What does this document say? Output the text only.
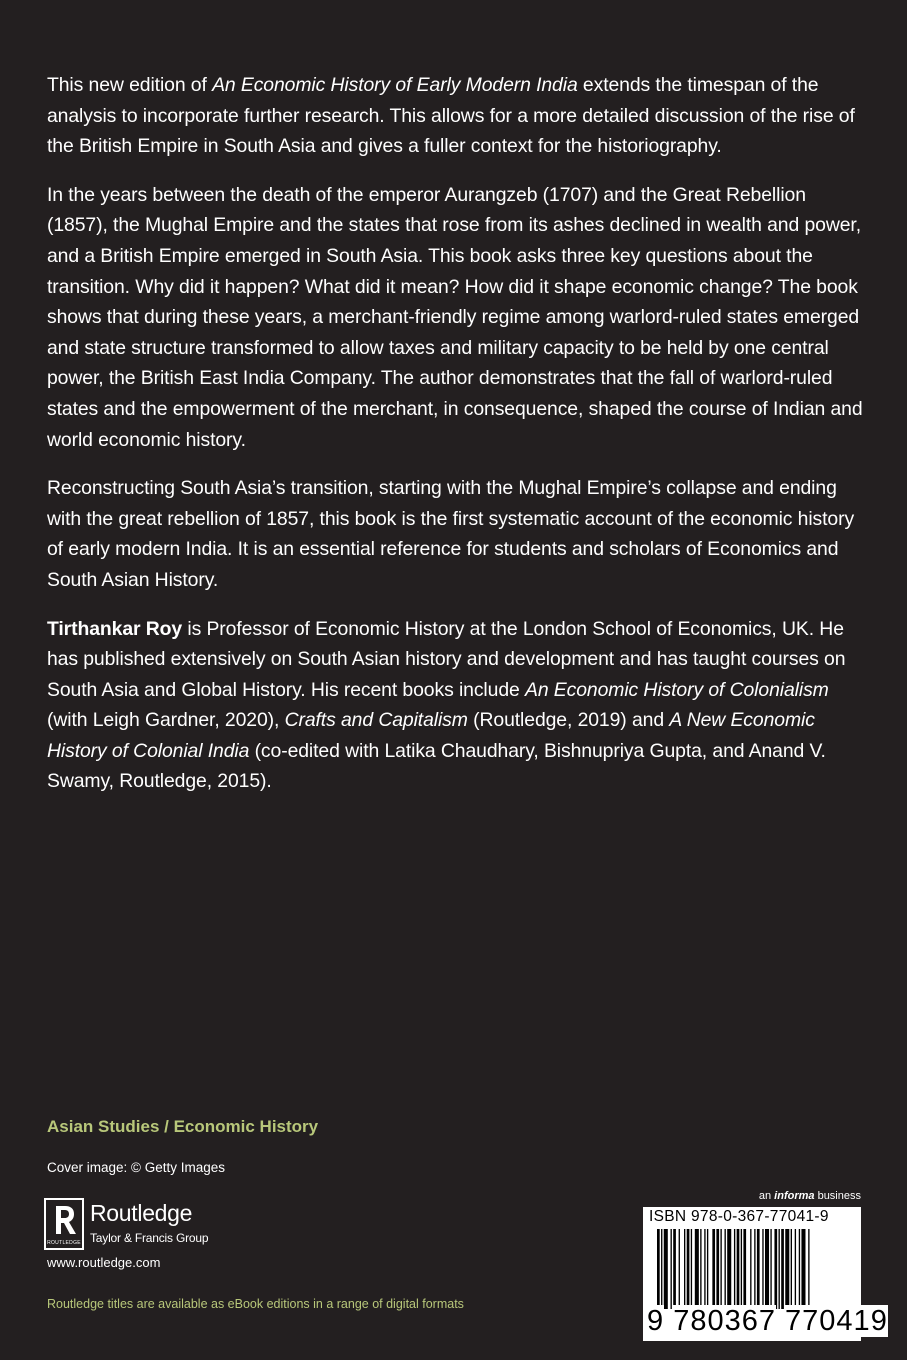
This new edition of An Economic History of Early Modern India extends the timespan of the analysis to incorporate further research. This allows for a more detailed discussion of the rise of the British Empire in South Asia and gives a fuller context for the historiography.

In the years between the death of the emperor Aurangzeb (1707) and the Great Rebellion (1857), the Mughal Empire and the states that rose from its ashes declined in wealth and power, and a British Empire emerged in South Asia. This book asks three key questions about the transition. Why did it happen? What did it mean? How did it shape economic change? The book shows that during these years, a merchant-friendly regime among warlord-ruled states emerged and state structure transformed to allow taxes and military capacity to be held by one central power, the British East India Company. The author demonstrates that the fall of warlord-ruled states and the empowerment of the merchant, in consequence, shaped the course of Indian and world economic history.

Reconstructing South Asia’s transition, starting with the Mughal Empire’s collapse and ending with the great rebellion of 1857, this book is the first systematic account of the economic history of early modern India. It is an essential reference for students and scholars of Economics and South Asian History.

Tirthankar Roy is Professor of Economic History at the London School of Economics, UK. He has published extensively on South Asian history and development and has taught courses on South Asia and Global History. His recent books include An Economic History of Colonialism (with Leigh Gardner, 2020), Crafts and Capitalism (Routledge, 2019) and A New Economic History of Colonial India (co-edited with Latika Chaudhary, Bishnupriya Gupta, and Anand V. Swamy, Routledge, 2015).

Asian Studies / Economic History
Cover image: © Getty Images
ROUTLEDGE
Routledge
Taylor & Francis Group
www.routledge.com
Routledge titles are available as eBook editions in a range of digital formats
an informa business
ISBN 978-0-367-77041-9
9 780367 770419
